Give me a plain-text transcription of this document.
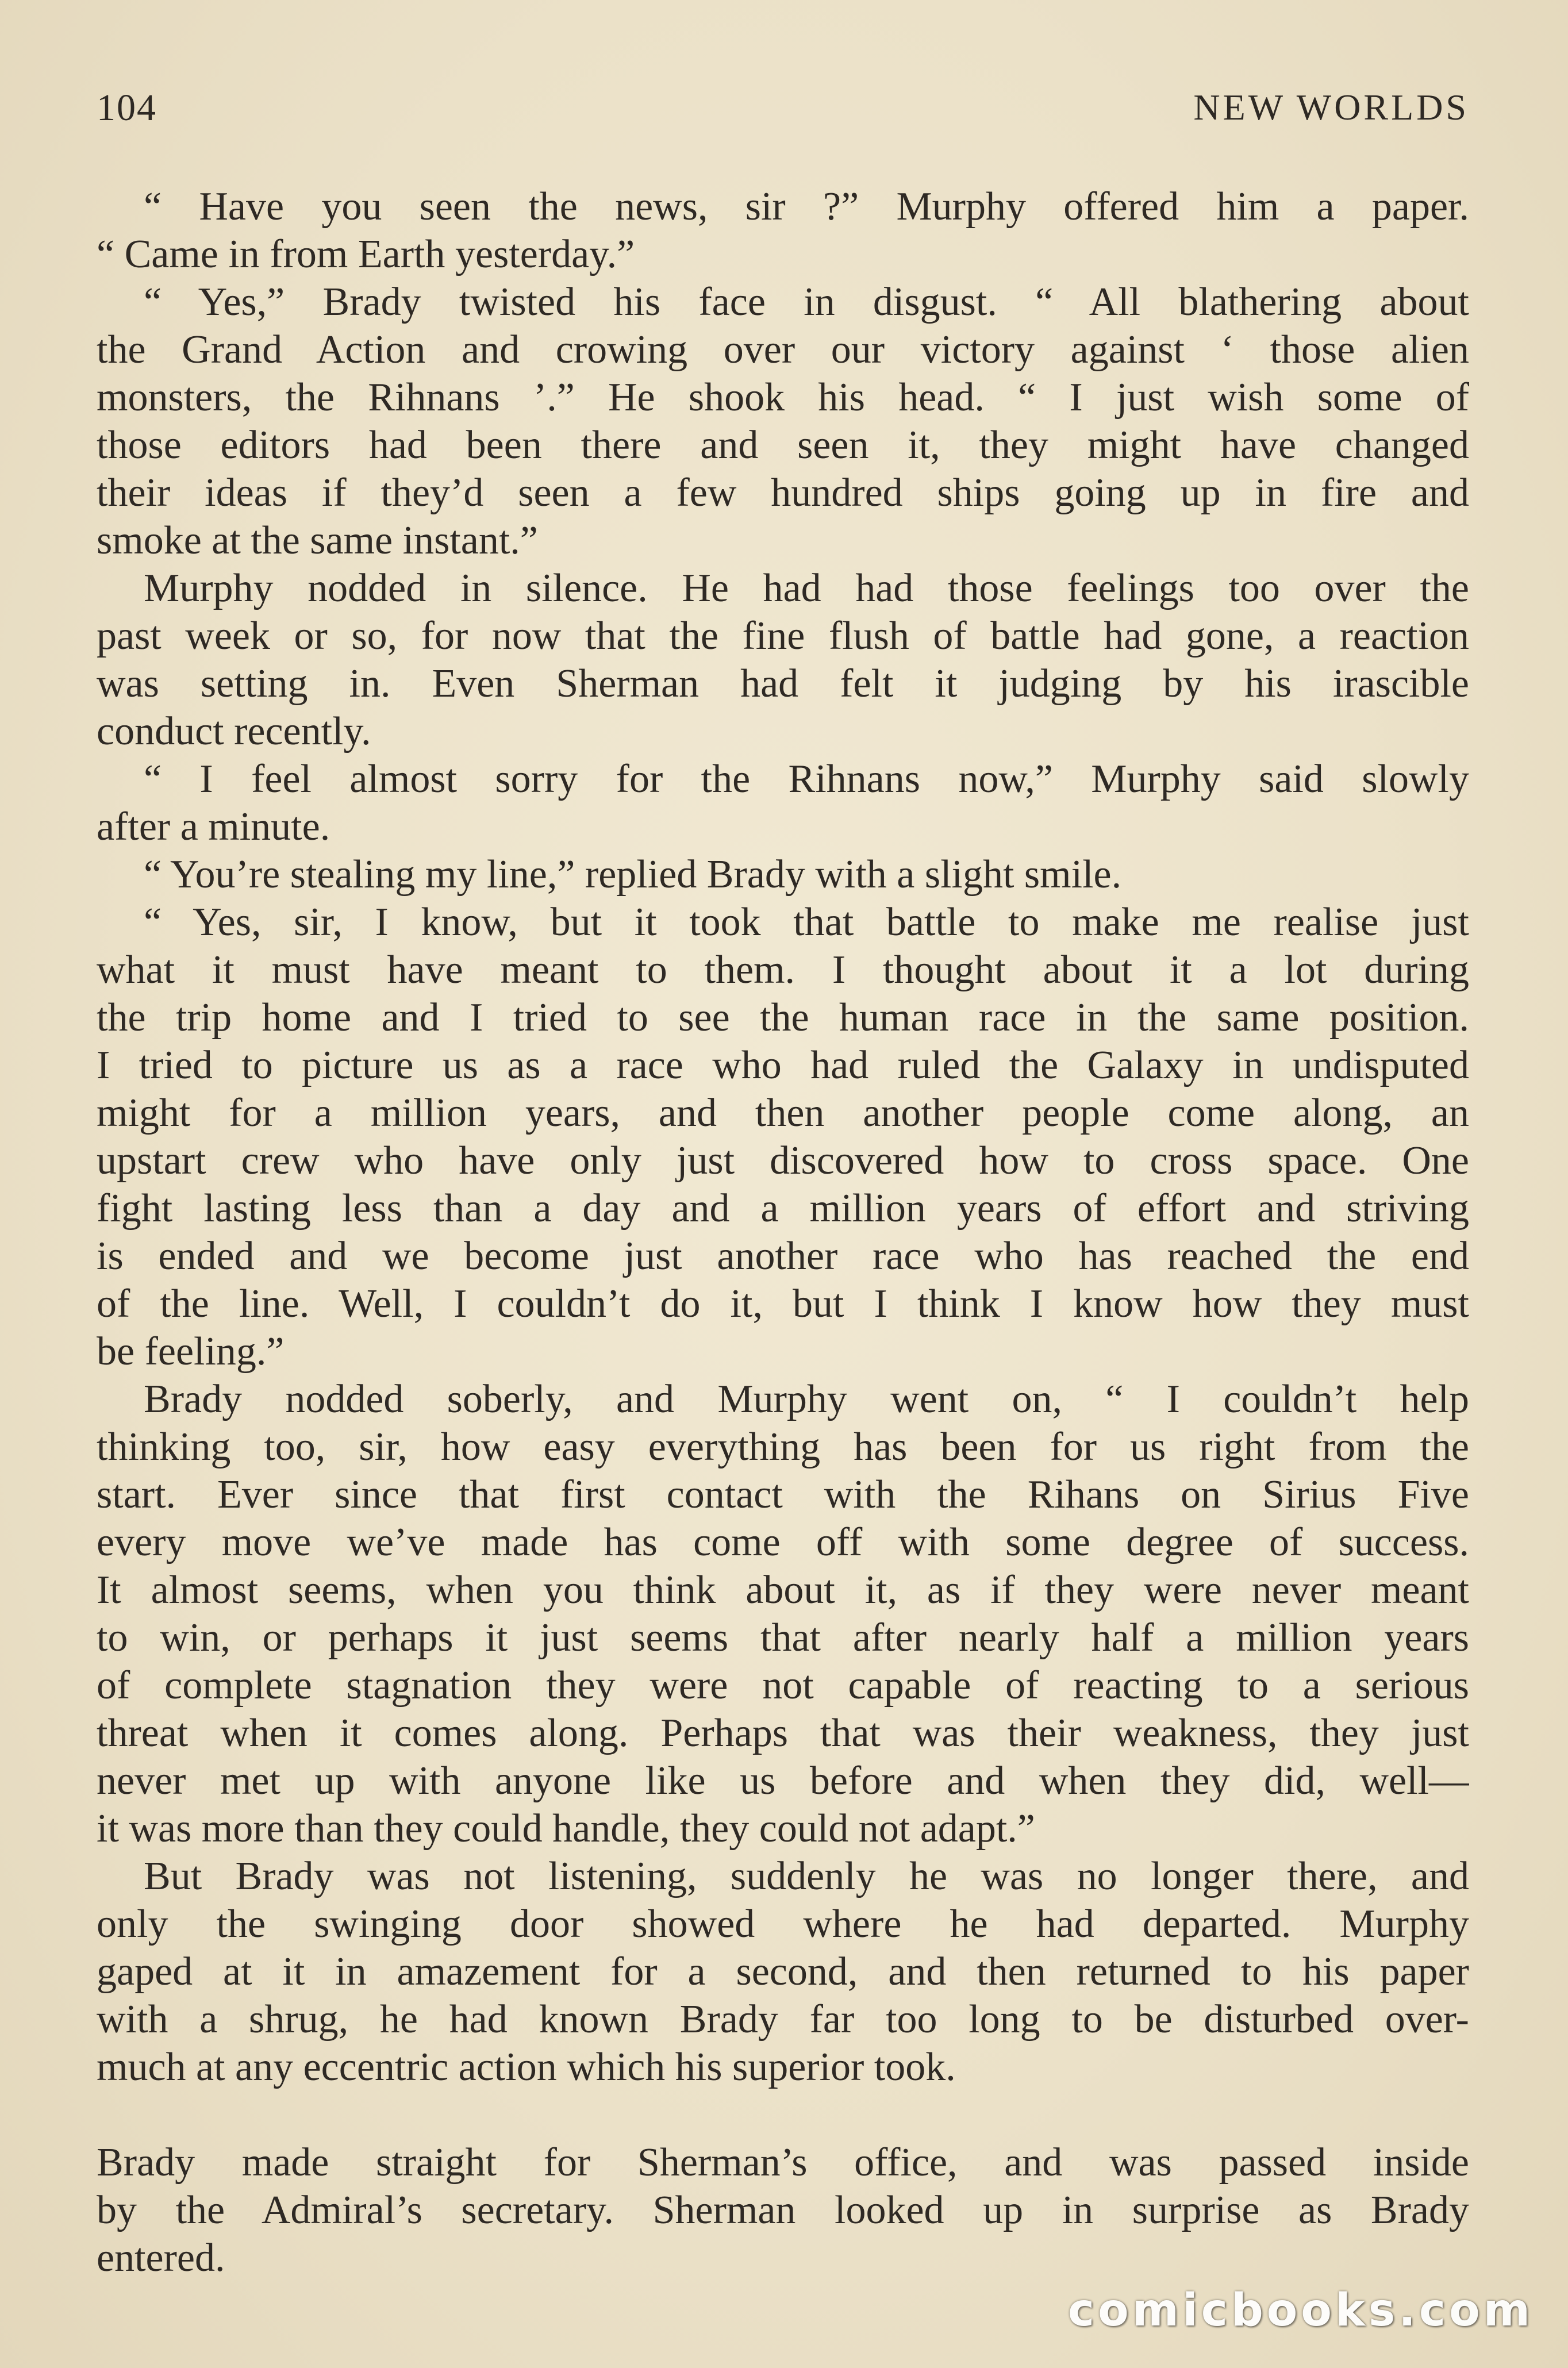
104	NEW WORLDS
“ Have you seen the news, sir ?” Murphy offered him a paper.
“ Came in from Earth yesterday.”
“ Yes,” Brady twisted his face in disgust. “ All blathering about
the Grand Action and crowing over our victory against ‘ those alien
monsters, the Rihnans ’.” He shook his head. “ I just wish some of
those editors had been there and seen it, they might have changed
their ideas if they’d seen a few hundred ships going up in fire and
smoke at the same instant.”
Murphy nodded in silence. He had had those feelings too over the
past week or so, for now that the fine flush of battle had gone, a reaction
was setting in. Even Sherman had felt it judging by his irascible
conduct recently.
“ I feel almost sorry for the Rihnans now,” Murphy said slowly
after a minute.
“ You’re stealing my line,” replied Brady with a slight smile.
“ Yes, sir, I know, but it took that battle to make me realise just
what it must have meant to them. I thought about it a lot during
the trip home and I tried to see the human race in the same position.
I tried to picture us as a race who had ruled the Galaxy in undisputed
might for a million years, and then another people come along, an
upstart crew who have only just discovered how to cross space. One
fight lasting less than a day and a million years of effort and striving
is ended and we become just another race who has reached the end
of the line. Well, I couldn’t do it, but I think I know how they must
be feeling.”
Brady nodded soberly, and Murphy went on, “ I couldn’t help
thinking too, sir, how easy everything has been for us right from the
start. Ever since that first contact with the Rihans on Sirius Five
every move we’ve made has come off with some degree of success.
It almost seems, when you think about it, as if they were never meant
to win, or perhaps it just seems that after nearly half a million years
of complete stagnation they were not capable of reacting to a serious
threat when it comes along. Perhaps that was their weakness, they just
never met up with anyone like us before and when they did, well—
it was more than they could handle, they could not adapt.”
But Brady was not listening, suddenly he was no longer there, and
only the swinging door showed where he had departed. Murphy
gaped at it in amazement for a second, and then returned to his paper
with a shrug, he had known Brady far too long to be disturbed over-
much at any eccentric action which his superior took.
Brady made straight for Sherman’s office, and was passed inside
by the Admiral’s secretary. Sherman looked up in surprise as Brady
entered.
comicbooks.com
